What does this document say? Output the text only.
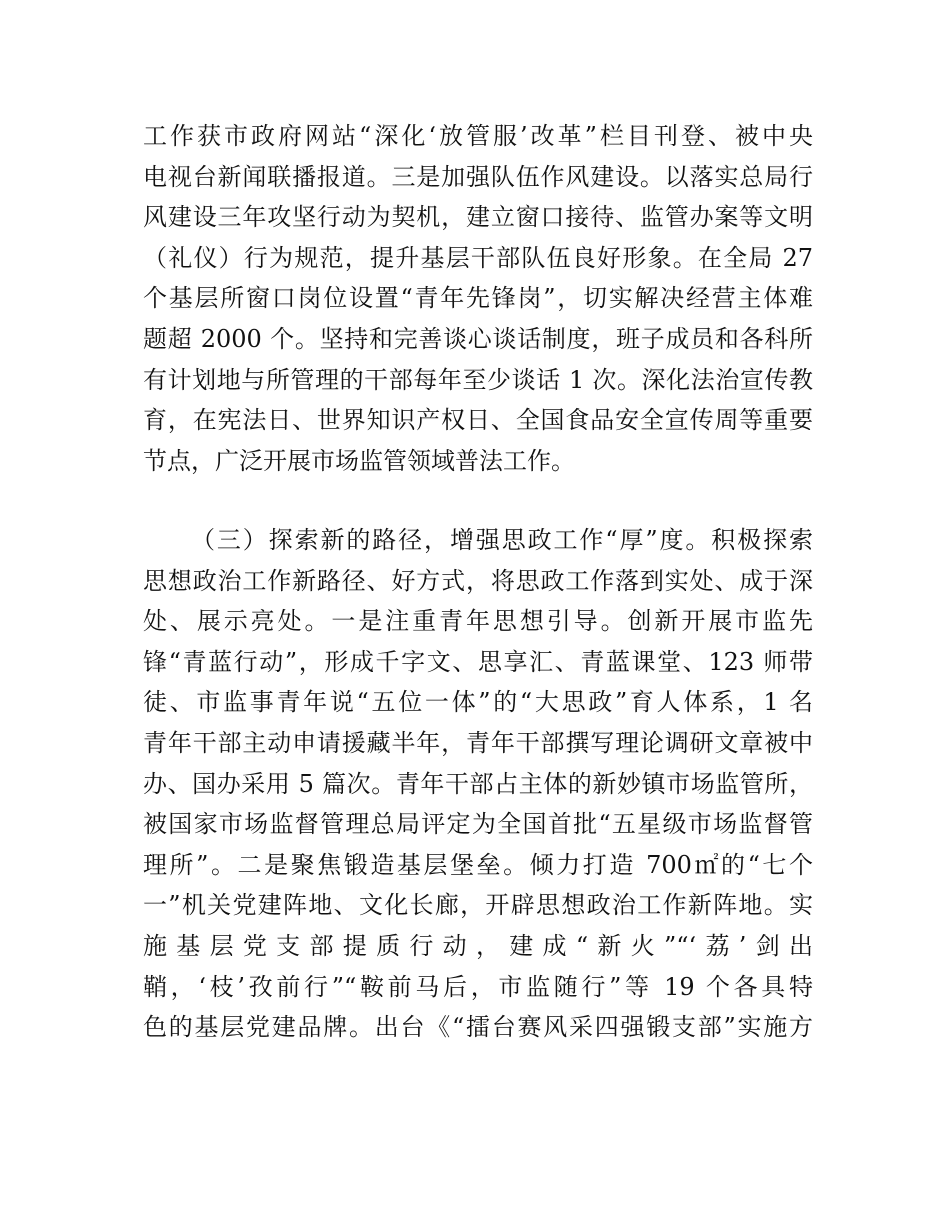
工作获市政府网站“深化‘放管服’改革”栏目刊登、被中央
电视台新闻联播报道。三是加强队伍作风建设。以落实总局行
风建设三年攻坚行动为契机，建立窗口接待、监管办案等文明
（礼仪）行为规范，提升基层干部队伍良好形象。在全局 27
个基层所窗口岗位设置“青年先锋岗”，切实解决经营主体难
题超 2000 个。坚持和完善谈心谈话制度，班子成员和各科所
有计划地与所管理的干部每年至少谈话 1 次。深化法治宣传教
育，在宪法日、世界知识产权日、全国食品安全宣传周等重要
节点，广泛开展市场监管领域普法工作。
（三）探索新的路径，增强思政工作“厚”度。积极探索
思想政治工作新路径、好方式，将思政工作落到实处、成于深
处、展示亮处。一是注重青年思想引导。创新开展市监先
锋“青蓝行动”，形成千字文、思享汇、青蓝课堂、123 师带
徒、市监事青年说“五位一体”的“大思政”育人体系，1 名
青年干部主动申请援藏半年，青年干部撰写理论调研文章被中
办、国办采用 5 篇次。青年干部占主体的新妙镇市场监管所，
被国家市场监督管理总局评定为全国首批“五星级市场监督管
理所”。二是聚焦锻造基层堡垒。倾力打造 700㎡的“七个
一”机关党建阵地、文化长廊，开辟思想政治工作新阵地。实
施基层党支部提质行动，建成“新火”“‘荔’剑出
鞘，‘枝’孜前行”“鞍前马后，市监随行”等 19 个各具特
色的基层党建品牌。出台《“擂台赛风采四强锻支部”实施方
